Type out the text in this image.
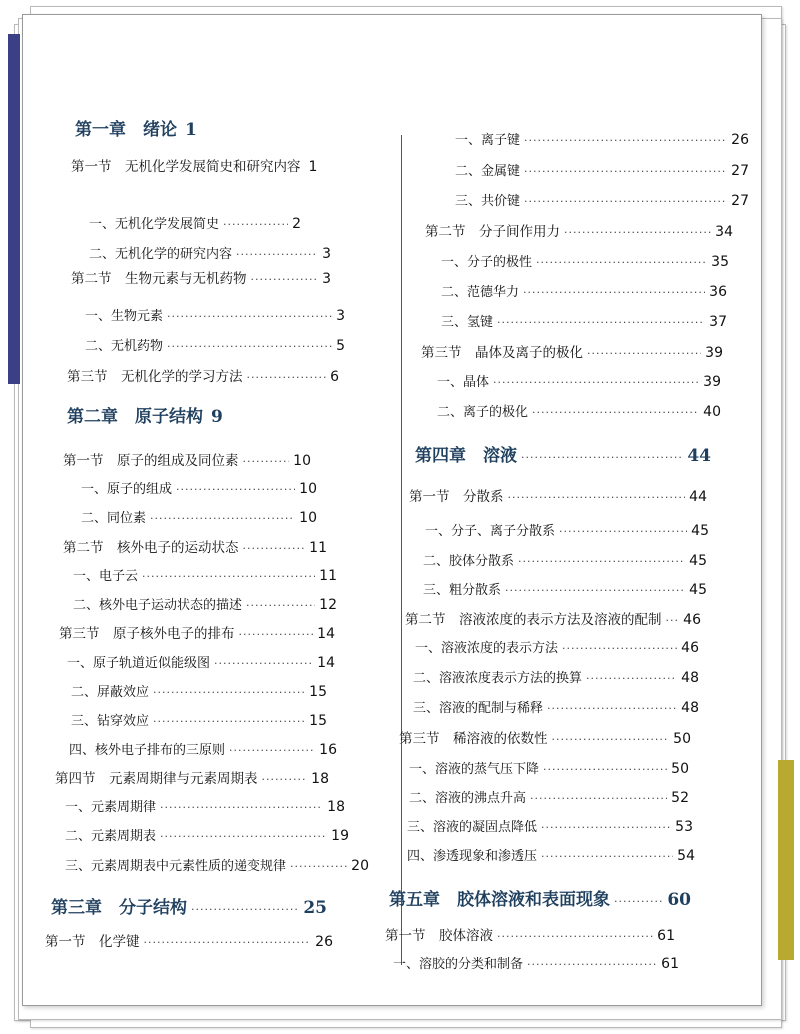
第一章　绪论 1
第一节　无机化学发展简史和研究内容 1
一、无机化学发展简史 ·····	2
二、无机化学的研究内容 ·····	3
第二节　生物元素与无机药物 ·····	3
一、生物元素 ·····	3
二、无机药物 ·····	5
第三节　无机化学的学习方法 ·····	6
第二章　原子结构 9
第一节　原子的组成及同位素 ·····	10
一、原子的组成 ·····	10
二、同位素 ·····	10
第二节　核外电子的运动状态 ·····	11
一、电子云 ·····	11
二、核外电子运动状态的描述 ·····	12
第三节　原子核外电子的排布 ·····	14
一、原子轨道近似能级图 ·····	14
二、屏蔽效应 ·····	15
三、钻穿效应 ·····	15
四、核外电子排布的三原则 ·····	16
第四节　元素周期律与元素周期表 ·····	18
一、元素周期律 ·····	18
二、元素周期表 ·····	19
三、元素周期表中元素性质的递变规律 ·····	20
第三章　分子结构 ·····	25
第一节　化学键 ·····	26
一、离子键 ·····	26
二、金属键 ·····	27
三、共价键 ·····	27
第二节　分子间作用力 ·····	34
一、分子的极性 ·····	35
二、范德华力 ·····	36
三、氢键 ·····	37
第三节　晶体及离子的极化 ·····	39
一、晶体 ·····	39
二、离子的极化 ·····	40
第四章　溶液 ·····	44
第一节　分散系 ·····	44
一、分子、离子分散系 ·····	45
二、胶体分散系 ·····	45
三、粗分散系 ·····	45
第二节　溶液浓度的表示方法及溶液的配制 ····· 46
一、溶液浓度的表示方法 ·····	46
二、溶液浓度表示方法的换算 ·····	48
三、溶液的配制与稀释 ·····	48
第三节　稀溶液的依数性 ·····	50
一、溶液的蒸气压下降 ·····	50
二、溶液的沸点升高 ·····	52
三、溶液的凝固点降低 ·····	53
四、渗透现象和渗透压 ·····	54
第五章　胶体溶液和表面现象 ·····	60
第一节　胶体溶液 ·····	61
一、溶胶的分类和制备 ·····	61
